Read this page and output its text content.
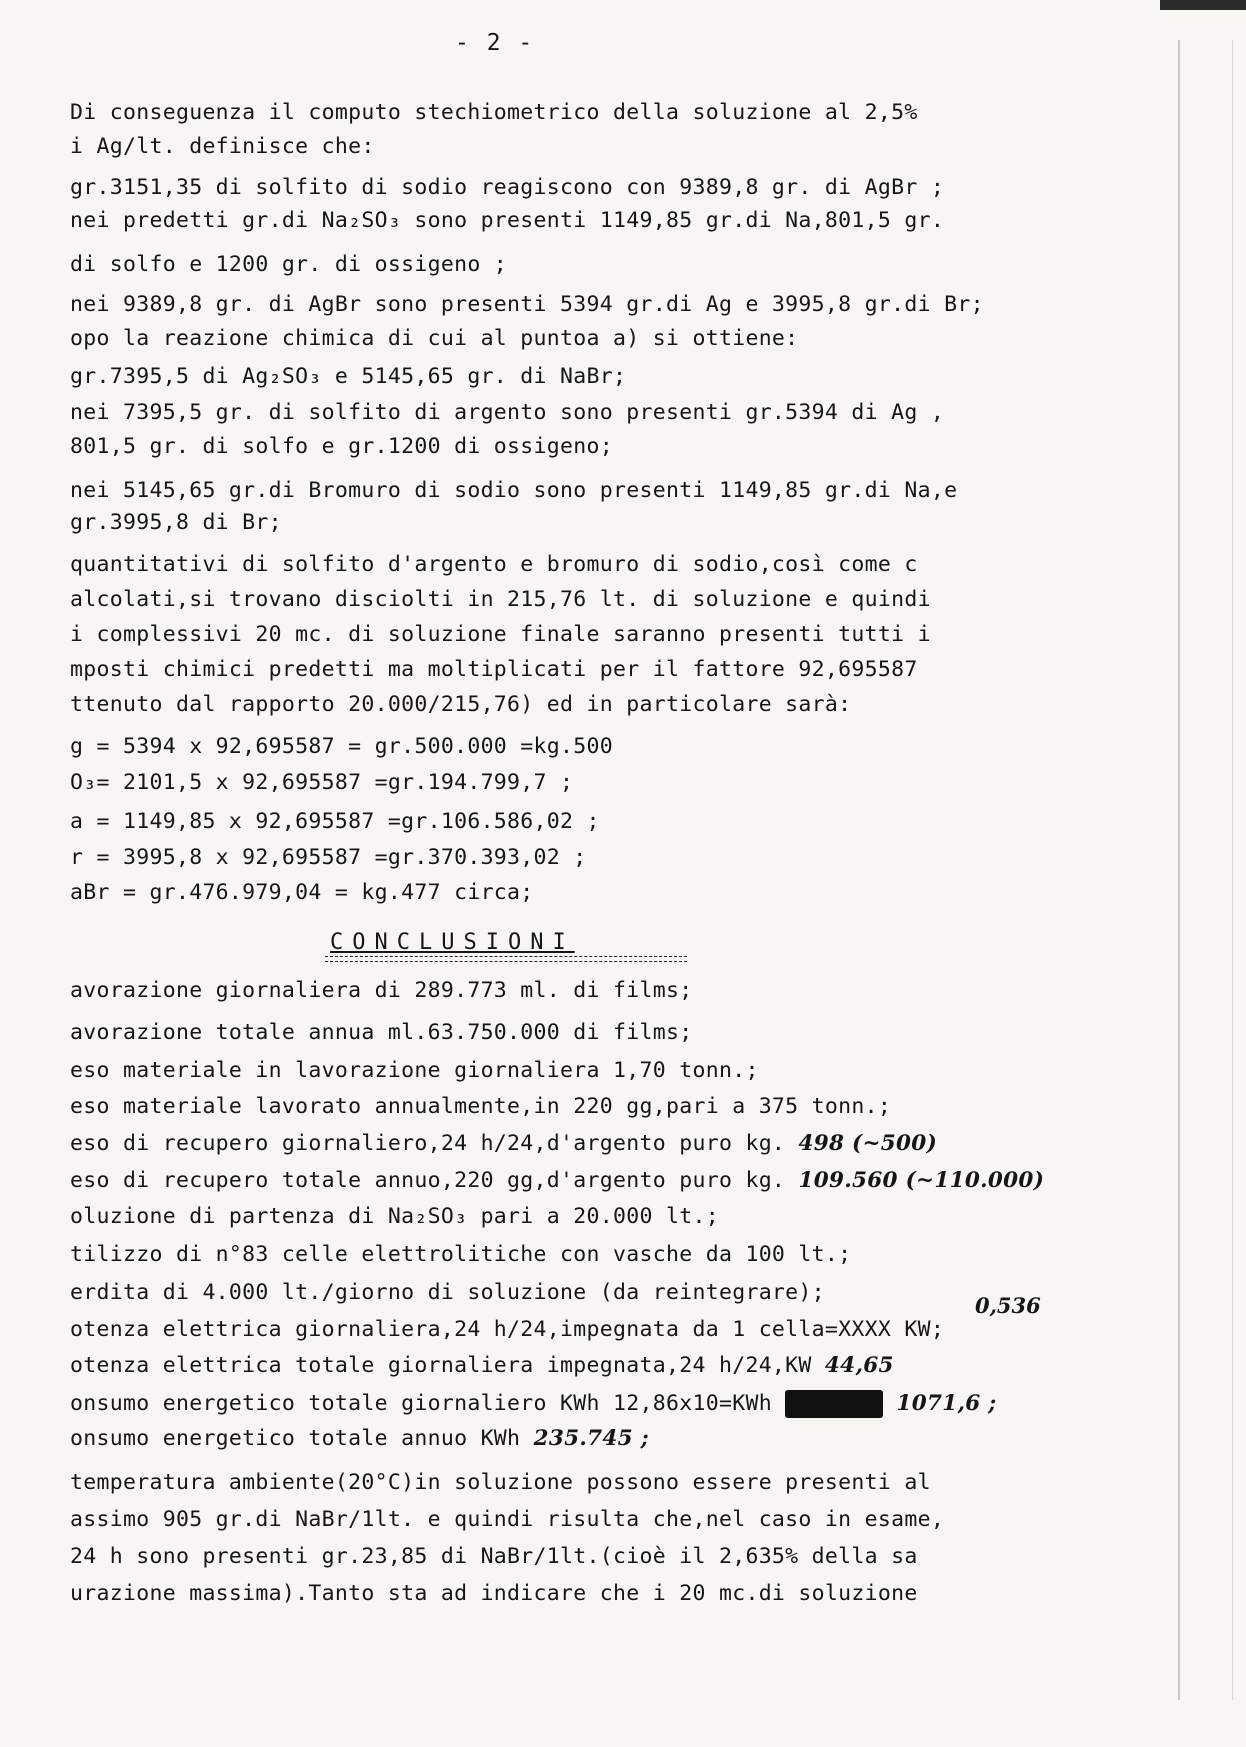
- 2 -
Di conseguenza il computo stechiometrico della soluzione al 2,5%
i Ag/lt. definisce che:
gr.3151,35 di solfito di sodio reagiscono con 9389,8 gr. di AgBr ;
nei predetti gr.di Na₂SO₃ sono presenti 1149,85 gr.di Na,801,5 gr.
di solfo e 1200 gr. di ossigeno ;
nei 9389,8 gr. di AgBr sono presenti 5394 gr.di Ag e 3995,8 gr.di Br;
opo la reazione chimica di cui al puntoa a) si ottiene:
gr.7395,5 di Ag₂SO₃ e 5145,65 gr. di NaBr;
nei 7395,5 gr. di solfito di argento sono presenti gr.5394 di Ag ,
801,5 gr. di solfo e gr.1200 di ossigeno;
nei 5145,65 gr.di Bromuro di sodio sono presenti 1149,85 gr.di Na,e
gr.3995,8 di Br;
quantitativi di solfito d'argento e bromuro di sodio,così come c
alcolati,si trovano disciolti in 215,76 lt. di soluzione e quindi
i complessivi 20 mc. di soluzione finale saranno presenti tutti i
mposti chimici predetti ma moltiplicati per il fattore 92,695587
ttenuto dal rapporto 20.000/215,76) ed in particolare sarà:
g = 5394 x 92,695587 = gr.500.000 =kg.500
O₃= 2101,5 x 92,695587 =gr.194.799,7 ;
a = 1149,85 x 92,695587 =gr.106.586,02 ;
r = 3995,8 x 92,695587 =gr.370.393,02 ;
aBr = gr.476.979,04 = kg.477 circa;
CONCLUSIONI
avorazione giornaliera di 289.773 ml. di films;
avorazione totale annua ml.63.750.000 di films;
eso materiale in lavorazione giornaliera 1,70 tonn.;
eso materiale lavorato annualmente,in 220 gg,pari a 375 tonn.;
eso di recupero giornaliero,24 h/24,d'argento puro kg. 498 (~500)
eso di recupero totale annuo,220 gg,d'argento puro kg. 109.560 (~110.000)
oluzione di partenza di Na₂SO₃ pari a 20.000 lt.;
tilizzo di n°83 celle elettrolitiche con vasche da 100 lt.;
erdita di 4.000 lt./giorno di soluzione (da reintegrare);
0,536
otenza elettrica giornaliera,24 h/24,impegnata da 1 cella=XXXX KW;
otenza elettrica totale giornaliera impegnata,24 h/24,KW 44,65
onsumo energetico totale giornaliero KWh 12,86x10=KWh	1071,6 ;
onsumo energetico totale annuo KWh 235.745 ;
temperatura ambiente(20°C)in soluzione possono essere presenti al
assimo 905 gr.di NaBr/1lt. e quindi risulta che,nel caso in esame,
24 h sono presenti gr.23,85 di NaBr/1lt.(cioè il 2,635% della sa
urazione massima).Tanto sta ad indicare che i 20 mc.di soluzione
